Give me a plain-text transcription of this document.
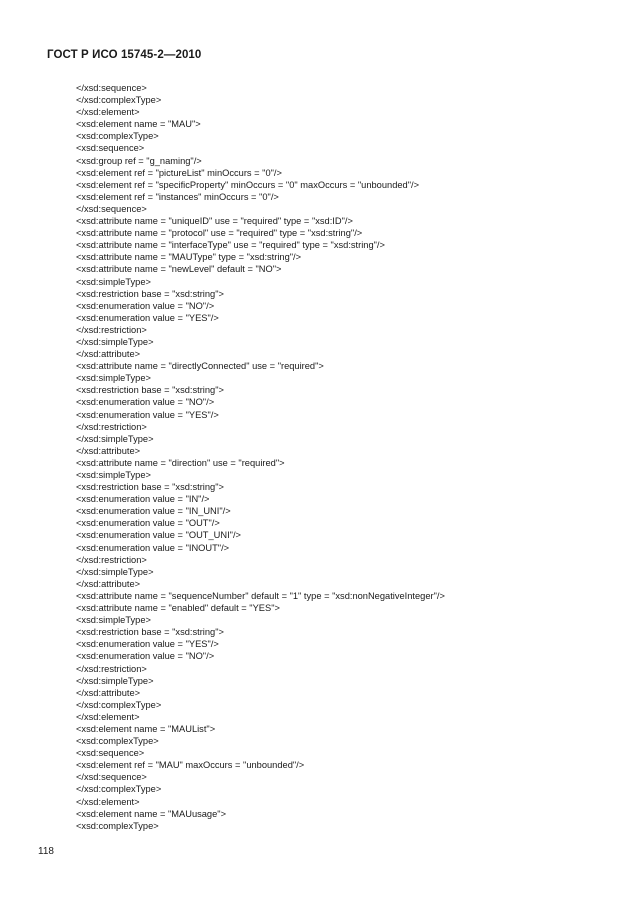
ГОСТ Р ИСО 15745-2—2010
</xsd:sequence>
</xsd:complexType>
</xsd:element>
<xsd:element name = "MAU">
<xsd:complexType>
<xsd:sequence>
<xsd:group ref = "g_naming"/>
<xsd:element ref = "pictureList" minOccurs = "0"/>
<xsd:element ref = "specificProperty" minOccurs = "0" maxOccurs = "unbounded"/>
<xsd:element ref = "instances" minOccurs = "0"/>
</xsd:sequence>
<xsd:attribute name = "uniqueID" use = "required" type = "xsd:ID"/>
<xsd:attribute name = "protocol" use = "required" type = "xsd:string"/>
<xsd:attribute name = "interfaceType" use = "required" type = "xsd:string"/>
<xsd:attribute name = "MAUType" type = "xsd:string"/>
<xsd:attribute name = "newLevel" default = "NO">
<xsd:simpleType>
<xsd:restriction base = "xsd:string">
<xsd:enumeration value = "NO"/>
<xsd:enumeration value = "YES"/>
</xsd:restriction>
</xsd:simpleType>
</xsd:attribute>
<xsd:attribute name = "directlyConnected" use = "required">
<xsd:simpleType>
<xsd:restriction base = "xsd:string">
<xsd:enumeration value = "NO"/>
<xsd:enumeration value = "YES"/>
</xsd:restriction>
</xsd:simpleType>
</xsd:attribute>
<xsd:attribute name = "direction" use = "required">
<xsd:simpleType>
<xsd:restriction base = "xsd:string">
<xsd:enumeration value = "IN"/>
<xsd:enumeration value = "IN_UNI"/>
<xsd:enumeration value = "OUT"/>
<xsd:enumeration value = "OUT_UNI"/>
<xsd:enumeration value = "INOUT"/>
</xsd:restriction>
</xsd:simpleType>
</xsd:attribute>
<xsd:attribute name = "sequenceNumber" default = "1" type = "xsd:nonNegativeInteger"/>
<xsd:attribute name = "enabled" default = "YES">
<xsd:simpleType>
<xsd:restriction base = "xsd:string">
<xsd:enumeration value = "YES"/>
<xsd:enumeration value = "NO"/>
</xsd:restriction>
</xsd:simpleType>
</xsd:attribute>
</xsd:complexType>
</xsd:element>
<xsd:element name = "MAUList">
<xsd:complexType>
<xsd:sequence>
<xsd:element ref = "MAU" maxOccurs = "unbounded"/>
</xsd:sequence>
</xsd:complexType>
</xsd:element>
<xsd:element name = "MAUusage">
<xsd:complexType>
118
